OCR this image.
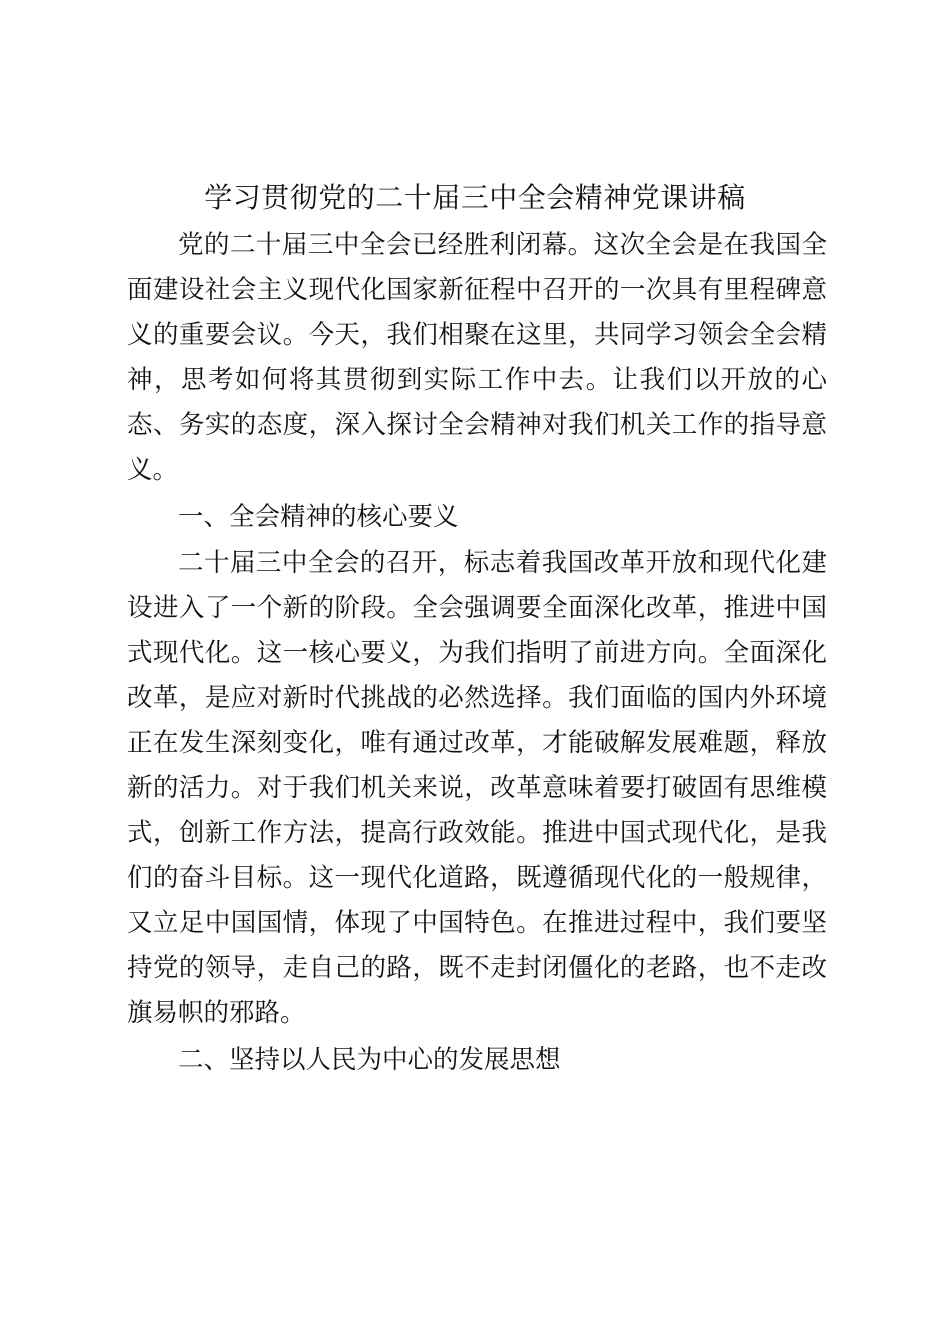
学习贯彻党的二十届三中全会精神党课讲稿

党的二十届三中全会已经胜利闭幕。这次全会是在我国全面建设社会主义现代化国家新征程中召开的一次具有里程碑意义的重要会议。今天，我们相聚在这里，共同学习领会全会精神，思考如何将其贯彻到实际工作中去。让我们以开放的心态、务实的态度，深入探讨全会精神对我们机关工作的指导意义。

一、全会精神的核心要义

二十届三中全会的召开，标志着我国改革开放和现代化建设进入了一个新的阶段。全会强调要全面深化改革，推进中国式现代化。这一核心要义，为我们指明了前进方向。全面深化改革，是应对新时代挑战的必然选择。我们面临的国内外环境正在发生深刻变化，唯有通过改革，才能破解发展难题，释放新的活力。对于我们机关来说，改革意味着要打破固有思维模式，创新工作方法，提高行政效能。推进中国式现代化，是我们的奋斗目标。这一现代化道路，既遵循现代化的一般规律，又立足中国国情，体现了中国特色。在推进过程中，我们要坚持党的领导，走自己的路，既不走封闭僵化的老路，也不走改旗易帜的邪路。

二、坚持以人民为中心的发展思想
